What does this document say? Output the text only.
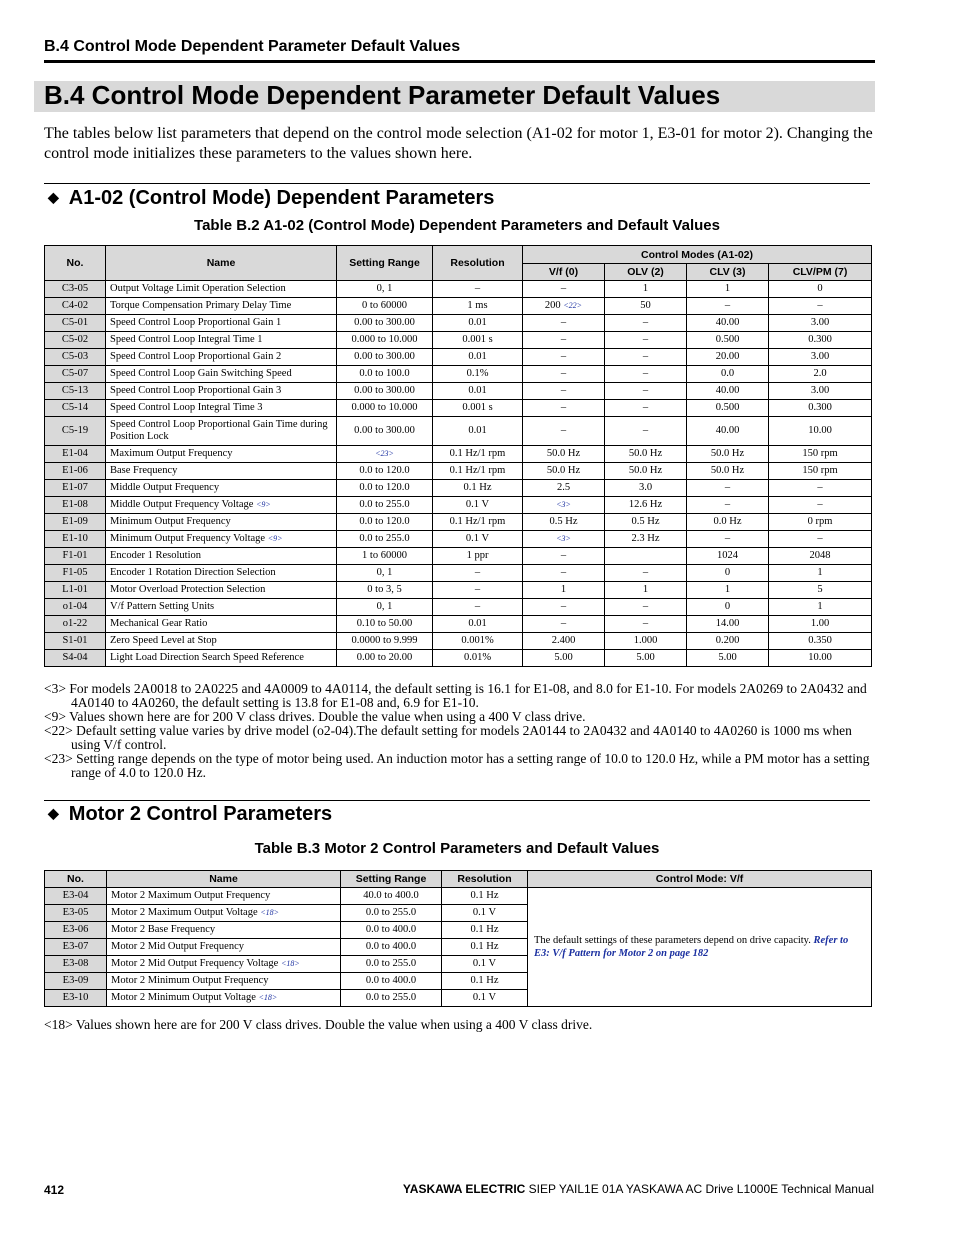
B.4 Control Mode Dependent Parameter Default Values
B.4 Control Mode Dependent Parameter Default Values
The tables below list parameters that depend on the control mode selection (A1-02 for motor 1, E3-01 for motor 2). Changing the control mode initializes these parameters to the values shown here.
◆ A1-02 (Control Mode) Dependent Parameters
Table B.2 A1-02 (Control Mode) Dependent Parameters and Default Values
No.	Name	Setting Range	Resolution	Control Modes (A1-02)			
				V/f (0)	OLV (2)	CLV (3)	CLV/PM (7)
C3-05	Output Voltage Limit Operation Selection	0, 1	–	–	1	1	0
C4-02	Torque Compensation Primary Delay Time	0 to 60000	1 ms	200 <22>	50	–	–
C5-01	Speed Control Loop Proportional Gain 1	0.00 to 300.00	0.01	–	–	40.00	3.00
C5-02	Speed Control Loop Integral Time 1	0.000 to 10.000	0.001 s	–	–	0.500	0.300
C5-03	Speed Control Loop Proportional Gain 2	0.00 to 300.00	0.01	–	–	20.00	3.00
C5-07	Speed Control Loop Gain Switching Speed	0.0 to 100.0	0.1%	–	–	0.0	2.0
C5-13	Speed Control Loop Proportional Gain 3	0.00 to 300.00	0.01	–	–	40.00	3.00
C5-14	Speed Control Loop Integral Time 3	0.000 to 10.000	0.001 s	–	–	0.500	0.300
C5-19	Speed Control Loop Proportional Gain Time during Position Lock	0.00 to 300.00	0.01	–	–	40.00	10.00
E1-04	Maximum Output Frequency	<23>	0.1 Hz/1 rpm	50.0 Hz	50.0 Hz	50.0 Hz	150 rpm
E1-06	Base Frequency	0.0 to 120.0	0.1 Hz/1 rpm	50.0 Hz	50.0 Hz	50.0 Hz	150 rpm
E1-07	Middle Output Frequency	0.0 to 120.0	0.1 Hz	2.5	3.0	–	–
E1-08	Middle Output Frequency Voltage <9>	0.0 to 255.0	0.1 V	<3>	12.6 Hz	–	–
E1-09	Minimum Output Frequency	0.0 to 120.0	0.1 Hz/1 rpm	0.5 Hz	0.5 Hz	0.0 Hz	0 rpm
E1-10	Minimum Output Frequency Voltage <9>	0.0 to 255.0	0.1 V	<3>	2.3 Hz	–	–
F1-01	Encoder 1 Resolution	1 to 60000	1 ppr	–		1024	2048
F1-05	Encoder 1 Rotation Direction Selection	0, 1	–	–	–	0	1
L1-01	Motor Overload Protection Selection	0 to 3, 5	–	1	1	1	5
o1-04	V/f Pattern Setting Units	0, 1	–	–	–	0	1
o1-22	Mechanical Gear Ratio	0.10 to 50.00	0.01	–	–	14.00	1.00
S1-01	Zero Speed Level at Stop	0.0000 to 9.999	0.001%	2.400	1.000	0.200	0.350
S4-04	Light Load Direction Search Speed Reference	0.00 to 20.00	0.01%	5.00	5.00	5.00	10.00

<3> For models 2A0018 to 2A0225 and 4A0009 to 4A0114, the default setting is 16.1 for E1-08, and 8.0 for E1-10. For models 2A0269 to 2A0432 and 4A0140 to 4A0260, the default setting is 13.8 for E1-08 and, 6.9 for E1-10.

<9> Values shown here are for 200 V class drives. Double the value when using a 400 V class drive.

<22> Default setting value varies by drive model (o2-04).The default setting for models 2A0144 to 2A0432 and 4A0140 to 4A0260 is 1000 ms when using V/f control.

<23> Setting range depends on the type of motor being used. An induction motor has a setting range of 10.0 to 120.0 Hz, while a PM motor has a setting range of 4.0 to 120.0 Hz.

◆ Motor 2 Control Parameters
Table B.3 Motor 2 Control Parameters and Default Values
No.	Name	Setting Range	Resolution	Control Mode: V/f
E3-04	Motor 2 Maximum Output Frequency	40.0 to 400.0	0.1 Hz	The default settings of these parameters depend on drive capacity. Refer to E3: V/f Pattern for Motor 2 on page 182
E3-05	Motor 2 Maximum Output Voltage <18>	0.0 to 255.0	0.1 V	
E3-06	Motor 2 Base Frequency	0.0 to 400.0	0.1 Hz	
E3-07	Motor 2 Mid Output Frequency	0.0 to 400.0	0.1 Hz	
E3-08	Motor 2 Mid Output Frequency Voltage <18>	0.0 to 255.0	0.1 V	
E3-09	Motor 2 Minimum Output Frequency	0.0 to 400.0	0.1 Hz	
E3-10	Motor 2 Minimum Output Voltage <18>	0.0 to 255.0	0.1 V	

<18> Values shown here are for 200 V class drives. Double the value when using a 400 V class drive.

412	YASKAWA ELECTRIC SIEP YAIL1E 01A YASKAWA AC Drive L1000E Technical Manual
